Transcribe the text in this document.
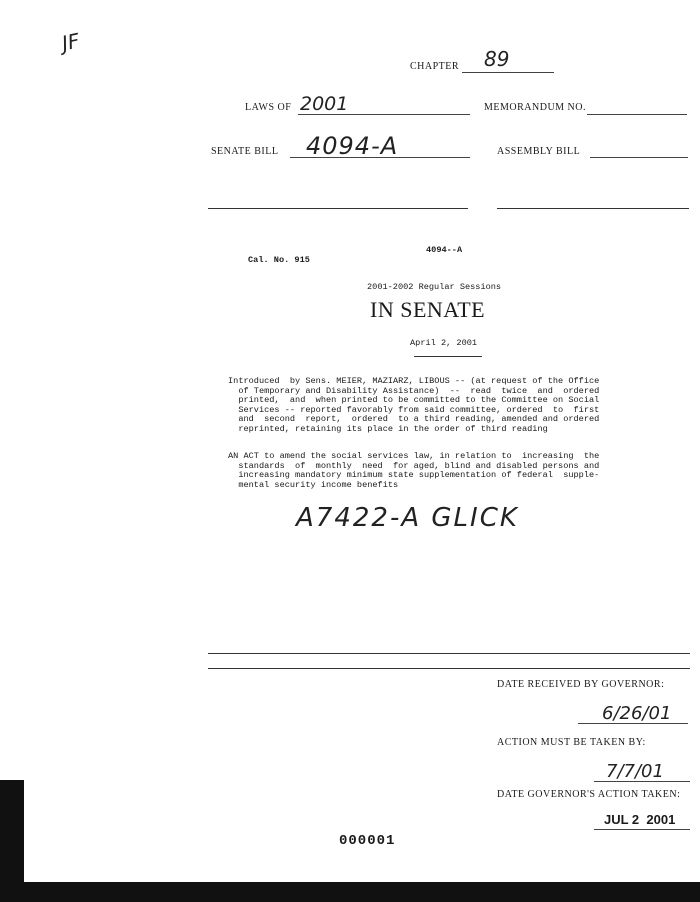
JF
CHAPTER 89
LAWS OF 2001	MEMORANDUM NO.
SENATE BILL 4094-A	ASSEMBLY BILL
4094--A
Cal. No. 915
2001-2002 Regular Sessions
IN SENATE
April 2, 2001
Introduced  by Sens. MEIER, MAZIARZ, LIBOUS -- (at request of the Office
of Temporary and Disability Assistance)  --  read  twice  and  ordered
printed,  and  when printed to be committed to the Committee on Social
Services -- reported favorably from said committee, ordered  to  first
and  second  report,  ordered  to a third reading, amended and ordered
reprinted, retaining its place in the order of third reading
AN ACT to amend the social services law, in relation to  increasing  the
standards  of  monthly  need  for aged, blind and disabled persons and
increasing mandatory minimum state supplementation of federal  supple-
mental security income benefits
A7422-A GLICK
DATE RECEIVED BY GOVERNOR:
6/26/01
ACTION MUST BE TAKEN BY:
7/7/01
DATE GOVERNOR'S ACTION TAKEN:
JUL 2  2001
000001
